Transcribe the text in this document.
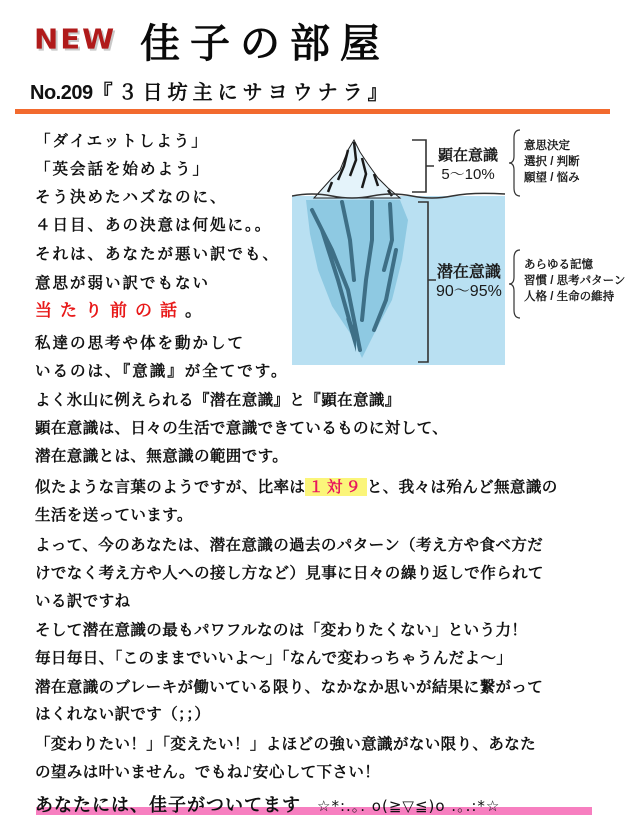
NEW 佳子の部屋
No.209『３日坊主にサヨウナラ』
顕在意識
5〜10%
潜在意識
90〜95%
意思決定
選択 / 判断
願望 / 悩み
あらゆる記憶
習慣 / 思考パターン
人格 / 生命の維持
「ダイエットしよう」
「英会話を始めよう」
そう決めたハズなのに、
４日目、あの決意は何処に。。
それは、あなたが悪い訳でも、
意思が弱い訳でもない
当たり前の話。
私達の思考や体を動かして
いるのは、『意識』が全てです。
よく氷山に例えられる『潜在意識』と『顕在意識』
顕在意識は、日々の生活で意識できているものに対して、
潜在意識とは、無意識の範囲です。
似たような言葉のようですが、比率は １対９ と、我々は殆んど無意識の
生活を送っています。
よって、今のあなたは、潜在意識の過去のパターン（考え方や食べ方だ
けでなく考え方や人への接し方など）見事に日々の繰り返しで作られて
いる訳ですね
そして潜在意識の最もパワフルなのは「変わりたくない」という力！
毎日毎日、「このままでいいよ〜」「なんで変わっちゃうんだよ〜」
潜在意識のブレーキが働いている限り、なかなか思いが結果に繋がって
はくれない訳です（；；）
「変わりたい！」「変えたい！」よほどの強い意識がない限り、あなた
の望みは叶いません。でもね♪安心して下さい！
あなたには、佳子がついてます ☆*:.｡. o(≧▽≦)o .｡.:*☆
